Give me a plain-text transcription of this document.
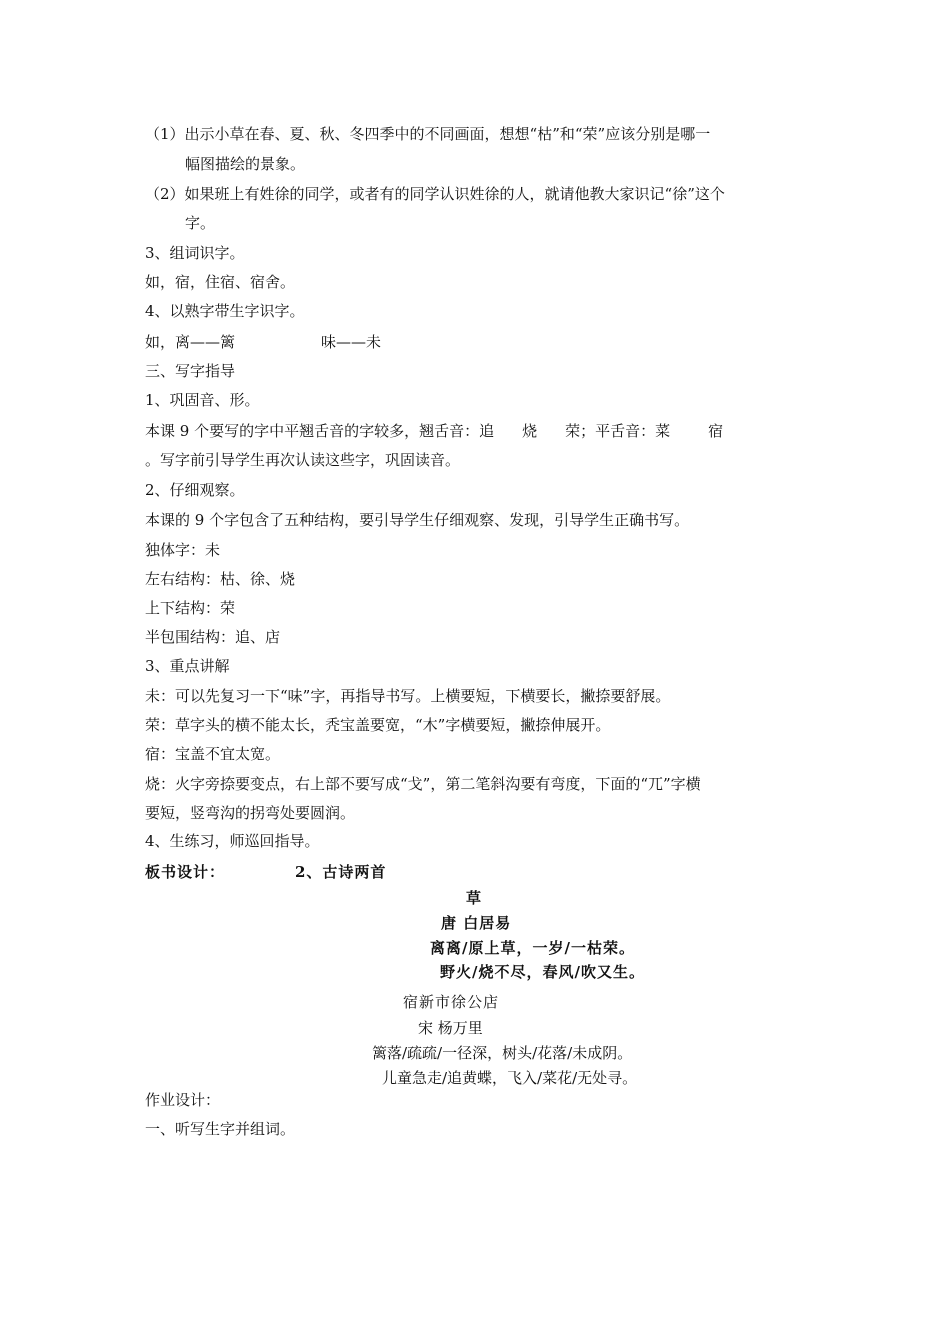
（1）出示小草在春、夏、秋、冬四季中的不同画面，想想“枯”和“荣”应该分别是哪一
幅图描绘的景象。
（2）如果班上有姓徐的同学，或者有的同学认识姓徐的人，就请他教大家识记“徐”这个
字。
3、组词识字。
如，宿，住宿、宿舍。
4、以熟字带生字识字。
如，离——篱	味——未
三、写字指导
1、巩固音、形。
本课 9 个要写的字中平翘舌音的字较多，翘舌音：追 烧 荣；平舌音：菜	宿
。写字前引导学生再次认读这些字，巩固读音。
2、仔细观察。
本课的 9 个字包含了五种结构，要引导学生仔细观察、发现，引导学生正确书写。
独体字：未
左右结构：枯、徐、烧
上下结构：荣
半包围结构：追、店
3、重点讲解
未：可以先复习一下“味”字，再指导书写。上横要短，下横要长，撇捺要舒展。
荣：草字头的横不能太长，秃宝盖要宽，“木”字横要短，撇捺伸展开。
宿：宝盖不宜太宽。
烧：火字旁捺要变点，右上部不要写成“戈”，第二笔斜沟要有弯度，下面的“兀”字横
要短，竖弯沟的拐弯处要圆润。
4、生练习，师巡回指导。
板书设计：	2、古诗两首
草
唐 白居易
离离/原上草，一岁/一枯荣。
野火/烧不尽，春风/吹又生。
宿新市徐公店
宋 杨万里
篱落/疏疏/一径深，树头/花落/未成阴。
儿童急走/追黄蝶，飞入/菜花/无处寻。
作业设计：
一、听写生字并组词。
